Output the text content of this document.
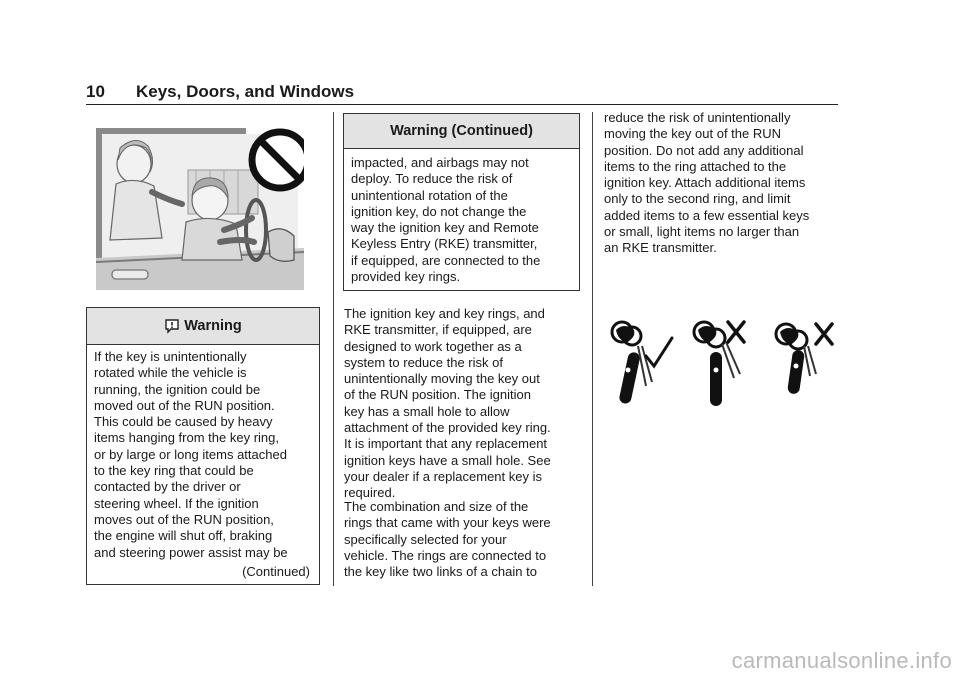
10 Keys, Doors, and Windows
Warning
If the key is unintentionally
rotated while the vehicle is
running, the ignition could be
moved out of the RUN position.
This could be caused by heavy
items hanging from the key ring,
or by large or long items attached
to the key ring that could be
contacted by the driver or
steering wheel. If the ignition
moves out of the RUN position,
the engine will shut off, braking
and steering power assist may be
(Continued)
Warning (Continued)
impacted, and airbags may not
deploy. To reduce the risk of
unintentional rotation of the
ignition key, do not change the
way the ignition key and Remote
Keyless Entry (RKE) transmitter,
if equipped, are connected to the
provided key rings.
The ignition key and key rings, and
RKE transmitter, if equipped, are
designed to work together as a
system to reduce the risk of
unintentionally moving the key out
of the RUN position. The ignition
key has a small hole to allow
attachment of the provided key ring.
It is important that any replacement
ignition keys have a small hole. See
your dealer if a replacement key is
required.
The combination and size of the
rings that came with your keys were
specifically selected for your
vehicle. The rings are connected to
the key like two links of a chain to
reduce the risk of unintentionally
moving the key out of the RUN
position. Do not add any additional
items to the ring attached to the
ignition key. Attach additional items
only to the second ring, and limit
added items to a few essential keys
or small, light items no larger than
an RKE transmitter.
carmanualsonline.info
